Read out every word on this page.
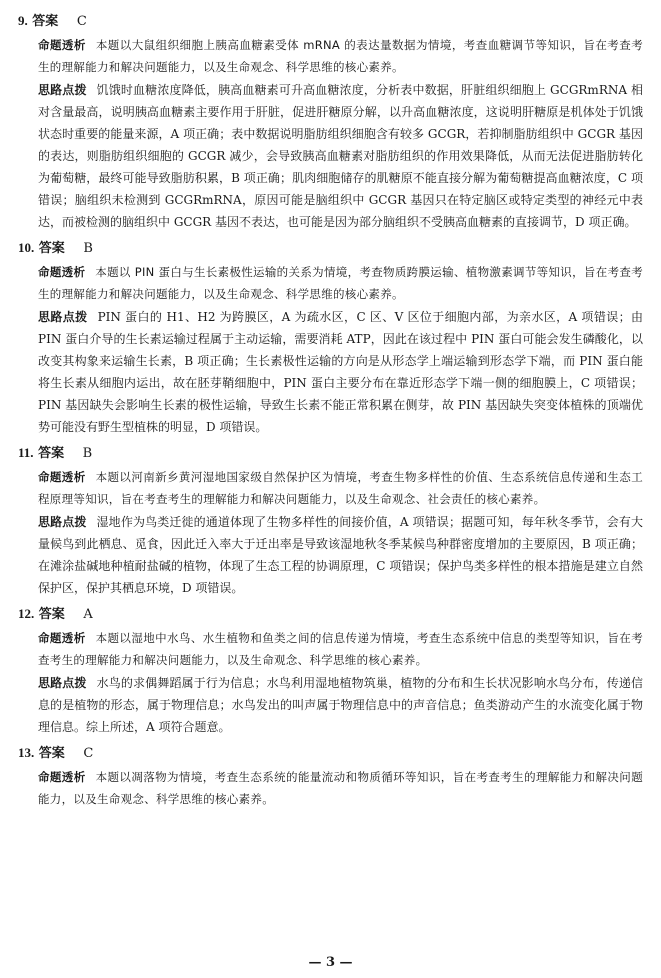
9. 答案 C
命题透析 本题以大鼠组织细胞上胰高血糖素受体 mRNA 的表达量数据为情境，考查血糖调节等知识，旨在考查考生的理解能力和解决问题能力，以及生命观念、科学思维的核心素养。
思路点拨 饥饿时血糖浓度降低，胰高血糖素可升高血糖浓度，分析表中数据，肝脏组织细胞上 GCGRmRNA 相对含量最高，说明胰高血糖素主要作用于肝脏，促进肝糖原分解，以升高血糖浓度，这说明肝糖原是机体处于饥饿状态时重要的能量来源，A 项正确；表中数据说明脂肪组织细胞含有较多 GCGR，若抑制脂肪组织中 GCGR 基因的表达，则脂肪组织细胞的 GCGR 减少，会导致胰高血糖素对脂肪组织的作用效果降低，从而无法促进脂肪转化为葡萄糖，最终可能导致脂肪积累，B 项正确；肌肉细胞储存的肌糖原不能直接分解为葡萄糖提高血糖浓度，C 项错误；脑组织未检测到 GCGRmRNA，原因可能是脑组织中 GCGR 基因只在特定脑区或特定类型的神经元中表达，而被检测的脑组织中 GCGR 基因不表达，也可能是因为部分脑组织不受胰高血糖素的直接调节，D 项正确。
10. 答案 B
命题透析 本题以 PIN 蛋白与生长素极性运输的关系为情境，考查物质跨膜运输、植物激素调节等知识，旨在考查考生的理解能力和解决问题能力，以及生命观念、科学思维的核心素养。
思路点拨 PIN 蛋白的 H1、H2 为跨膜区，A 为疏水区，C 区、V 区位于细胞内部，为亲水区，A 项错误；由 PIN 蛋白介导的生长素运输过程属于主动运输，需要消耗 ATP，因此在该过程中 PIN 蛋白可能会发生磷酸化，以改变其构象来运输生长素，B 项正确；生长素极性运输的方向是从形态学上端运输到形态学下端，而 PIN 蛋白能将生长素从细胞内运出，故在胚芽鞘细胞中，PIN 蛋白主要分布在靠近形态学下端一侧的细胞膜上，C 项错误；PIN 基因缺失会影响生长素的极性运输，导致生长素不能正常积累在侧芽，故 PIN 基因缺失突变体植株的顶端优势可能没有野生型植株的明显，D 项错误。
11. 答案 B
命题透析 本题以河南新乡黄河湿地国家级自然保护区为情境，考查生物多样性的价值、生态系统信息传递和生态工程原理等知识，旨在考查考生的理解能力和解决问题能力，以及生命观念、社会责任的核心素养。
思路点拨 湿地作为鸟类迁徙的通道体现了生物多样性的间接价值，A 项错误；据题可知，每年秋冬季节，会有大量候鸟到此栖息、觅食，因此迁入率大于迁出率是导致该湿地秋冬季某候鸟种群密度增加的主要原因，B 项正确；在滩涂盐碱地种植耐盐碱的植物，体现了生态工程的协调原理，C 项错误；保护鸟类多样性的根本措施是建立自然保护区，保护其栖息环境，D 项错误。
12. 答案 A
命题透析 本题以湿地中水鸟、水生植物和鱼类之间的信息传递为情境，考查生态系统中信息的类型等知识，旨在考查考生的理解能力和解决问题能力，以及生命观念、科学思维的核心素养。
思路点拨 水鸟的求偶舞蹈属于行为信息；水鸟利用湿地植物筑巢，植物的分布和生长状况影响水鸟分布，传递信息的是植物的形态，属于物理信息；水鸟发出的叫声属于物理信息中的声音信息；鱼类游动产生的水流变化属于物理信息。综上所述，A 项符合题意。
13. 答案 C
命题透析 本题以凋落物为情境，考查生态系统的能量流动和物质循环等知识，旨在考查考生的理解能力和解决问题能力，以及生命观念、科学思维的核心素养。
— 3 —
